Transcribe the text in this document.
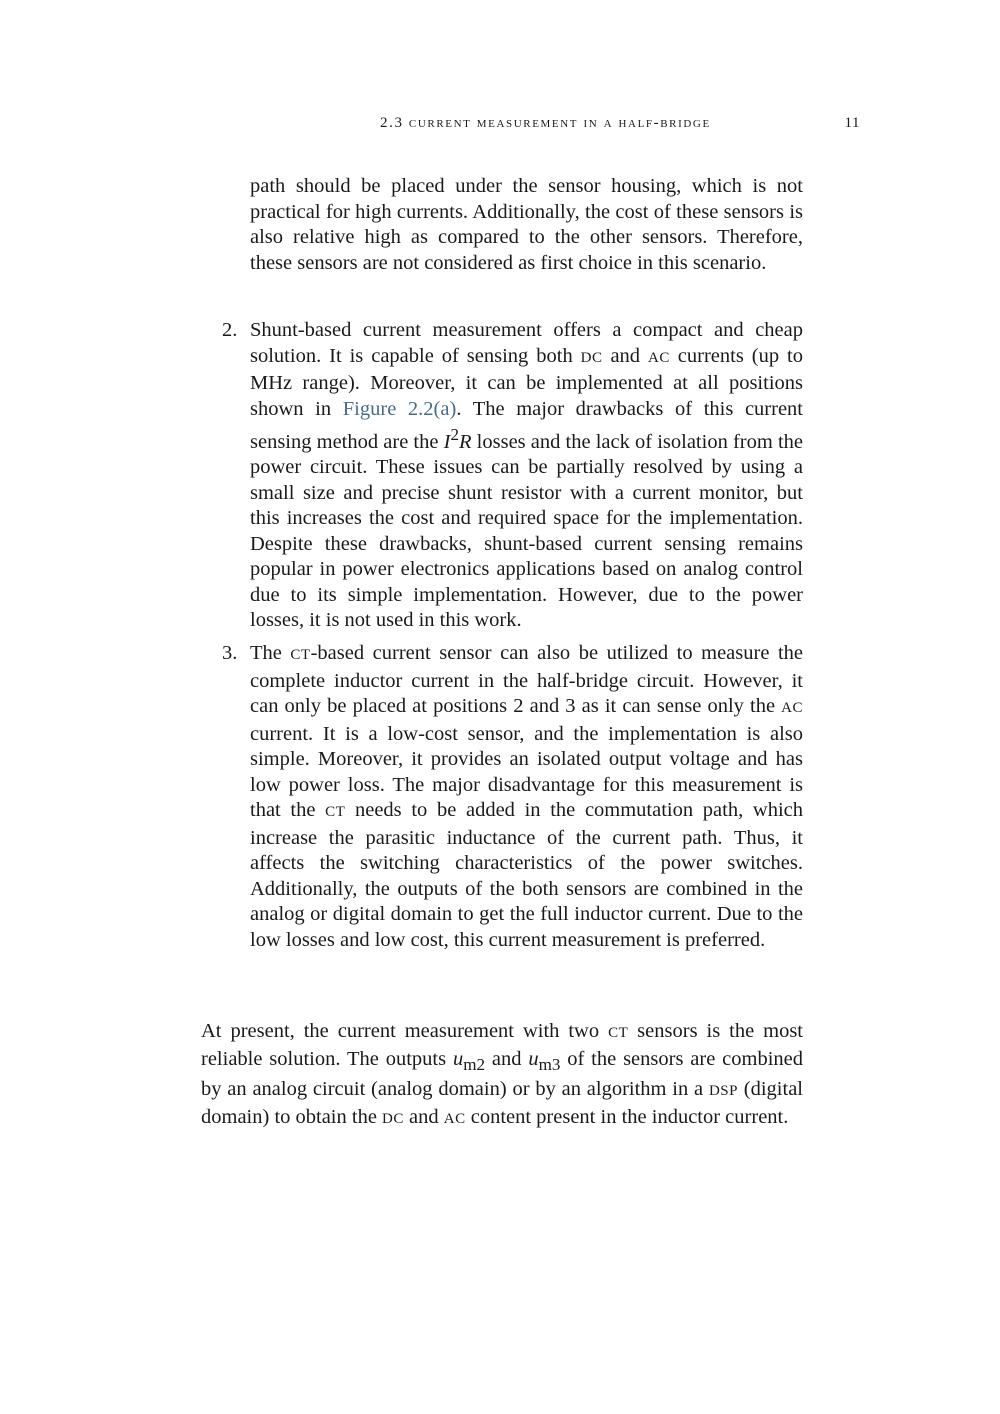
2.3 current measurement in a half-bridge	11
path should be placed under the sensor housing, which is not practical for high currents. Additionally, the cost of these sensors is also relative high as compared to the other sensors. Therefore, these sensors are not considered as first choice in this scenario.
2. Shunt-based current measurement offers a compact and cheap solution. It is capable of sensing both DC and AC currents (up to MHz range). Moreover, it can be implemented at all positions shown in Figure 2.2(a). The major drawbacks of this current sensing method are the $I^2R$ losses and the lack of isolation from the power circuit. These issues can be partially resolved by using a small size and precise shunt resistor with a current monitor, but this increases the cost and required space for the implementation. Despite these drawbacks, shunt-based current sensing remains popular in power electronics applications based on analog control due to its simple implementation. However, due to the power losses, it is not used in this work.
3. The CT-based current sensor can also be utilized to measure the complete inductor current in the half-bridge circuit. However, it can only be placed at positions 2 and 3 as it can sense only the AC current. It is a low-cost sensor, and the implementation is also simple. Moreover, it provides an isolated output voltage and has low power loss. The major disadvantage for this measurement is that the CT needs to be added in the commutation path, which increase the parasitic inductance of the current path. Thus, it affects the switching characteristics of the power switches. Additionally, the outputs of the both sensors are combined in the analog or digital domain to get the full inductor current. Due to the low losses and low cost, this current measurement is preferred.
At present, the current measurement with two CT sensors is the most reliable solution. The outputs $u_{m2}$ and $u_{m3}$ of the sensors are combined by an analog circuit (analog domain) or by an algorithm in a DSP (digital domain) to obtain the DC and AC content present in the inductor current.
